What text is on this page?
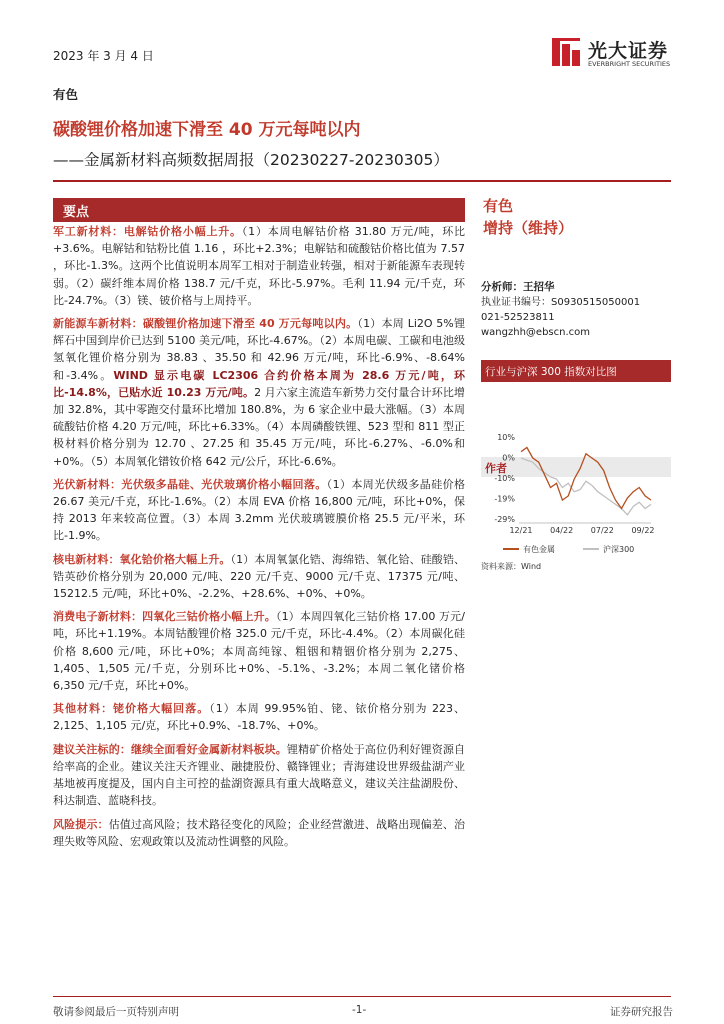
2023 年 3 月 4 日	光大证券
EVERBRIGHT SECURITIES
有色
碳酸锂价格加速下滑至 40 万元每吨以内
——金属新材料高频数据周报（20230227-20230305）
要点

军工新材料：电解钴价格小幅上升。（1）本周电解钴价格 31.80 万元/吨，环比+3.6%。电解钴和钴粉比值 1.16 ，环比+2.3%；电解钴和硫酸钴价格比值为 7.57 ，环比-1.3%。这两个比值说明本周军工相对于制造业转强，相对于新能源车表现转弱。（2）碳纤维本周价格 138.7 元/千克，环比-5.97%。毛利 11.94 元/千克，环比-24.7%。（3）镁、铍价格与上周持平。

新能源车新材料：碳酸锂价格加速下滑至 40 万元每吨以内。（1）本周 Li2O 5%锂辉石中国到岸价已达到 5100 美元/吨，环比-4.67%。（2）本周电碳、工碳和电池级氢氧化锂价格分别为 38.83 、35.50 和 42.96 万元/吨，环比-6.9%、-8.64%和-3.4%。WIND 显示电碳 LC2306 合约价格本周为 28.6 万元/吨，环比-14.8%，已贴水近 10.23 万元/吨。2 月六家主流造车新势力交付量合计环比增加 32.8%，其中零跑交付量环比增加 180.8%，为 6 家企业中最大涨幅。（3）本周硫酸钴价格 4.20 万元/吨，环比+6.33%。（4）本周磷酸铁锂、523 型和 811 型正极材料价格分别为 12.70 、27.25 和 35.45 万元/吨，环比-6.27%、-6.0%和+0%。（5）本周氧化镨钕价格 642 元/公斤，环比-6.6%。

光伏新材料：光伏级多晶硅、光伏玻璃价格小幅回落。（1）本周光伏级多晶硅价格 26.67 美元/千克，环比-1.6%。（2）本周 EVA 价格 16,800 元/吨，环比+0%，保持 2013 年来较高位置。（3）本周 3.2mm 光伏玻璃镀膜价格 25.5 元/平米，环比-1.9%。

核电新材料：氧化铪价格大幅上升。（1）本周氧氯化锆、海绵锆、氧化铪、硅酸锆、锆英砂价格分别为 20,000 元/吨、220 元/千克、9000 元/千克、17375 元/吨、15212.5 元/吨，环比+0%、-2.2%、+28.6%、+0%、+0%。

消费电子新材料：四氧化三钴价格小幅上升。（1）本周四氧化三钴价格 17.00 万元/吨，环比+1.19%。本周钴酸锂价格 325.0 元/千克，环比-4.4%。（2）本周碳化硅价格 8,600 元/吨，环比+0%；本周高纯镓、粗铟和精铟价格分别为 2,275、1,405、1,505 元/千克，分别环比+0%、-5.1%、-3.2%；本周二氧化锗价格 6,350 元/千克，环比+0%。

其他材料：铑价格大幅回落。（1）本周 99.95%铂、铑、铱价格分别为 223、2,125、1,105 元/克，环比+0.9%、-18.7%、+0%。

建议关注标的：继续全面看好金属新材料板块。锂精矿价格处于高位仍利好锂资源自给率高的企业。建议关注天齐锂业、融捷股份、赣锋锂业；青海建设世界级盐湖产业基地被再度提及，国内自主可控的盐湖资源具有重大战略意义，建议关注盐湖股份、科达制造、蓝晓科技。

风险提示：估值过高风险；技术路径变化的风险；企业经营激进、战略出现偏差、治理失败等风险、宏观政策以及流动性调整的风险。

有色
增持（维持）
作者
分析师：王招华
执业证书编号：S0930515050001
021-52523811
wangzhh@ebscn.com
行业与沪深 300 指数对比图
10%
0%
-10%
-19%
-29%
12/21 04/22 07/22 09/22
有色金属	沪深300
资料来源：Wind
敬请参阅最后一页特别声明	-1-	证券研究报告
